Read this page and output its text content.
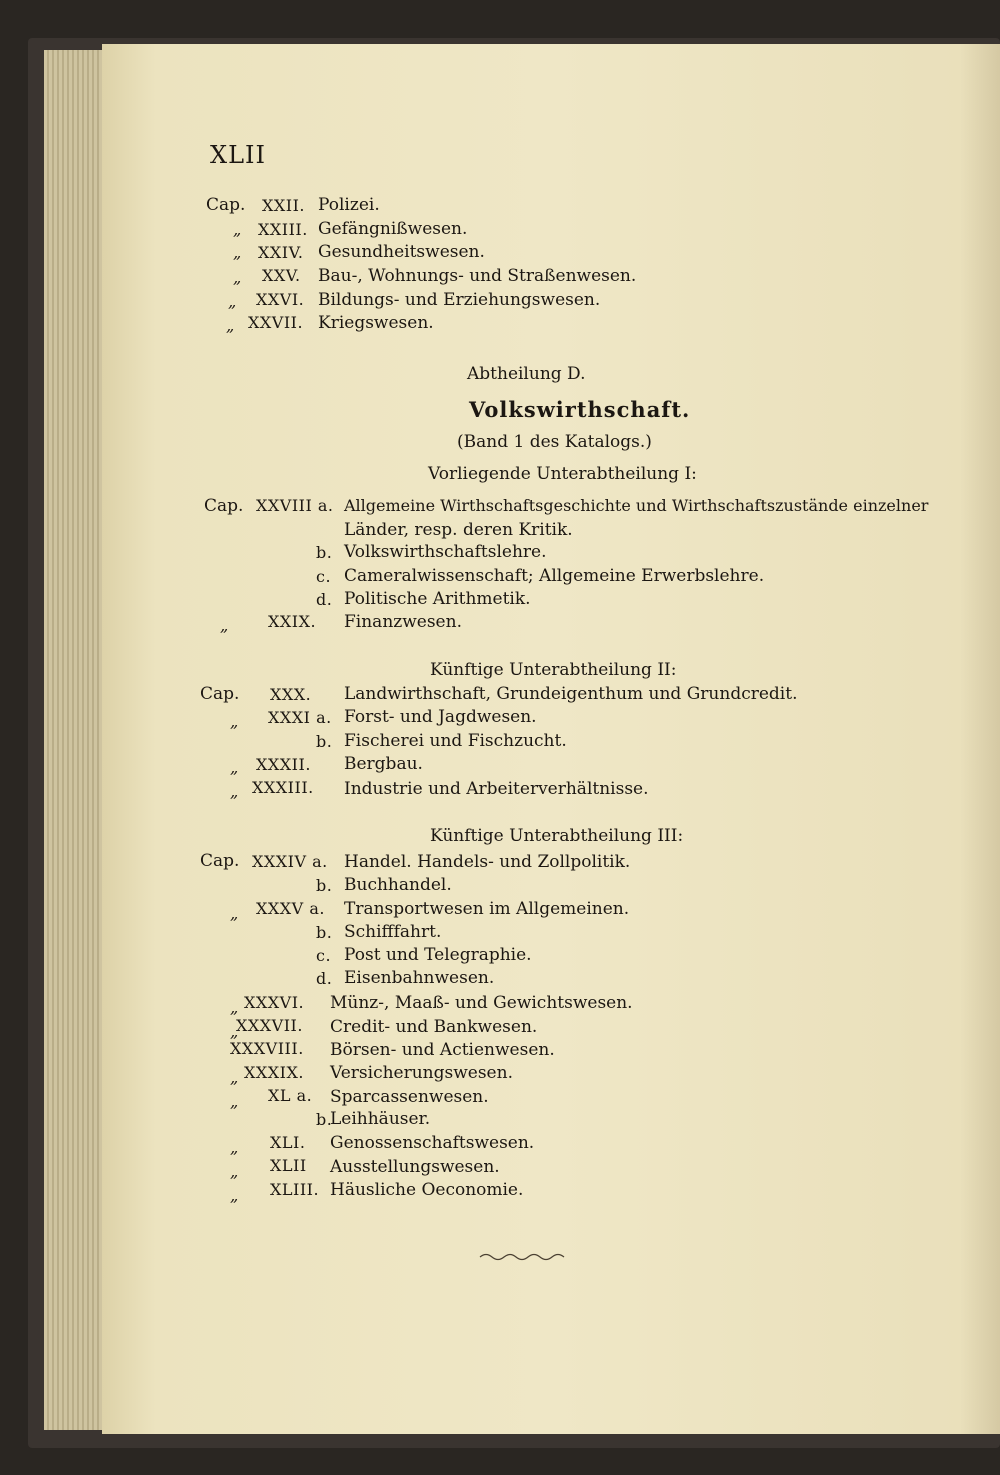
XLII
Cap. XXII. Polizei.
„ XXIII. Gefängnißwesen.
„ XXIV. Gesundheitswesen.
„ XXV. Bau-, Wohnungs- und Straßenwesen.
„ XXVI. Bildungs- und Erziehungswesen.
„ XXVII. Kriegswesen.
Abtheilung D.
Volkswirthschaft.
(Band 1 des Katalogs.)
Vorliegende Unterabtheilung I:
Cap. XXVIII a. Allgemeine Wirthschaftsgeschichte und Wirthschaftszustände einzelner
Länder, resp. deren Kritik.
b. Volkswirthschaftslehre.
c. Cameralwissenschaft; Allgemeine Erwerbslehre.
d. Politische Arithmetik.
„ XXIX. Finanzwesen.
Künftige Unterabtheilung II:
Cap. XXX. Landwirthschaft, Grundeigenthum und Grundcredit.
„ XXXI a. Forst- und Jagdwesen.
b. Fischerei und Fischzucht.
„ XXXII. Bergbau.
„ XXXIII. Industrie und Arbeiterverhältnisse.
Künftige Unterabtheilung III:
Cap. XXXIV a. Handel. Handels- und Zollpolitik.
b. Buchhandel.
„ XXXV a. Transportwesen im Allgemeinen.
b. Schifffahrt.
c. Post und Telegraphie.
d. Eisenbahnwesen.
„ XXXVI. Münz-, Maaß- und Gewichtswesen.
„
XXXVII. Credit- und Bankwesen.
XXXVIII. Börsen- und Actienwesen.
„ XXXIX. Versicherungswesen.
„ XL a. Sparcassenwesen.
b.
Leihhäuser.
„ XLI. Genossenschaftswesen.
„ XLII Ausstellungswesen.
„ XLIII. Häusliche Oeconomie.
